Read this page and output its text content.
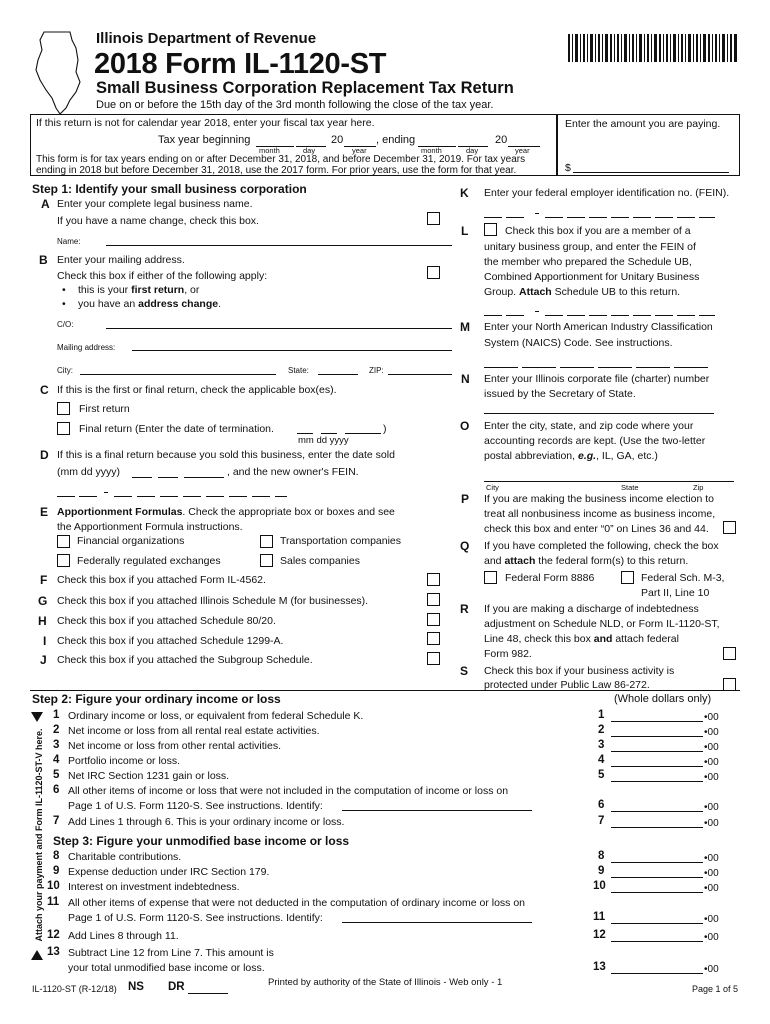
Illinois Department of Revenue
2018 Form IL-1120-ST
Small Business Corporation Replacement Tax Return
Due on or before the 15th day of the 3rd month following the close of the tax year.
If this return is not for calendar year 2018, enter your fiscal tax year here.
Tax year beginning	20	, ending	20
month	day	year	month	day	year
This form is for tax years ending on or after December 31, 2018, and before December 31, 2019. For tax years
ending in 2018 but before December 31, 2018, use the 2017 form. For prior years, use the form for that year.
Enter the amount you are paying.
$
Step 1: Identify your small business corporation
A Enter your complete legal business name.
If you have a name change, check this box.
Name:
B Enter your mailing address.
Check this box if either of the following apply:
• this is your first return, or
• you have an address change.
C/O:
Mailing address:
City:	State:	ZIP:
C If this is the first or final return, check the applicable box(es).
First return
Final return (Enter the date of termination.	)
mm dd yyyy
D If this is a final return because you sold this business, enter the date sold
(mm dd yyyy)	, and the new owner's FEIN.
E Apportionment Formulas. Check the appropriate box or boxes and see
the Apportionment Formula instructions.
Financial organizations	Transportation companies
Federally regulated exchanges	Sales companies
F Check this box if you attached Form IL-4562.
G Check this box if you attached Illinois Schedule M (for businesses).
H Check this box if you attached Schedule 80/20.
I Check this box if you attached Schedule 1299-A.
J Check this box if you attached the Subgroup Schedule.
K Enter your federal employer identification no. (FEIN).
L	Check this box if you are a member of a
unitary business group, and enter the FEIN of
the member who prepared the Schedule UB,
Combined Apportionment for Unitary Business
Group. Attach Schedule UB to this return.
M Enter your North American Industry Classification
System (NAICS) Code. See instructions.
N Enter your Illinois corporate file (charter) number
issued by the Secretary of State.
O Enter the city, state, and zip code where your
accounting records are kept. (Use the two-letter
postal abbreviation, e.g., IL, GA, etc.)
City	State	Zip
P If you are making the business income election to
treat all nonbusiness income as business income,
check this box and enter “0” on Lines 36 and 44.
Q If you have completed the following, check the box
and attach the federal form(s) to this return.
Federal Form 8886	Federal Sch. M-3,
Part II, Line 10
R If you are making a discharge of indebtedness
adjustment on Schedule NLD, or Form IL-1120-ST,
Line 48, check this box and attach federal
Form 982.
S Check this box if your business activity is
protected under Public Law 86-272.
Step 2: Figure your ordinary income or loss	(Whole dollars only)
Attach your payment and Form IL-1120-ST-V here.
1 Ordinary income or loss, or equivalent from federal Schedule K.	1	•00
2 Net income or loss from all rental real estate activities.	2	•00
3 Net income or loss from other rental activities.	3	•00
4 Portfolio income or loss.	4	•00
5 Net IRC Section 1231 gain or loss.	5	•00
6 All other items of income or loss that were not included in the computation of income or loss on
Page 1 of U.S. Form 1120-S. See instructions. Identify:	6	•00
7 Add Lines 1 through 6. This is your ordinary income or loss.	7	•00
Step 3: Figure your unmodified base income or loss
8 Charitable contributions.	8	•00
9 Expense deduction under IRC Section 179.	9	•00
10 Interest on investment indebtedness.	10	•00
11 All other items of expense that were not deducted in the computation of ordinary income or loss on
Page 1 of U.S. Form 1120-S. See instructions. Identify:	11	•00
12 Add Lines 8 through 11.	12	•00
13 Subtract Line 12 from Line 7. This amount is
your total unmodified base income or loss.	13	•00
IL-1120-ST (R-12/18) NS DR	Printed by authority of the State of Illinois - Web only - 1
Page 1 of 5
